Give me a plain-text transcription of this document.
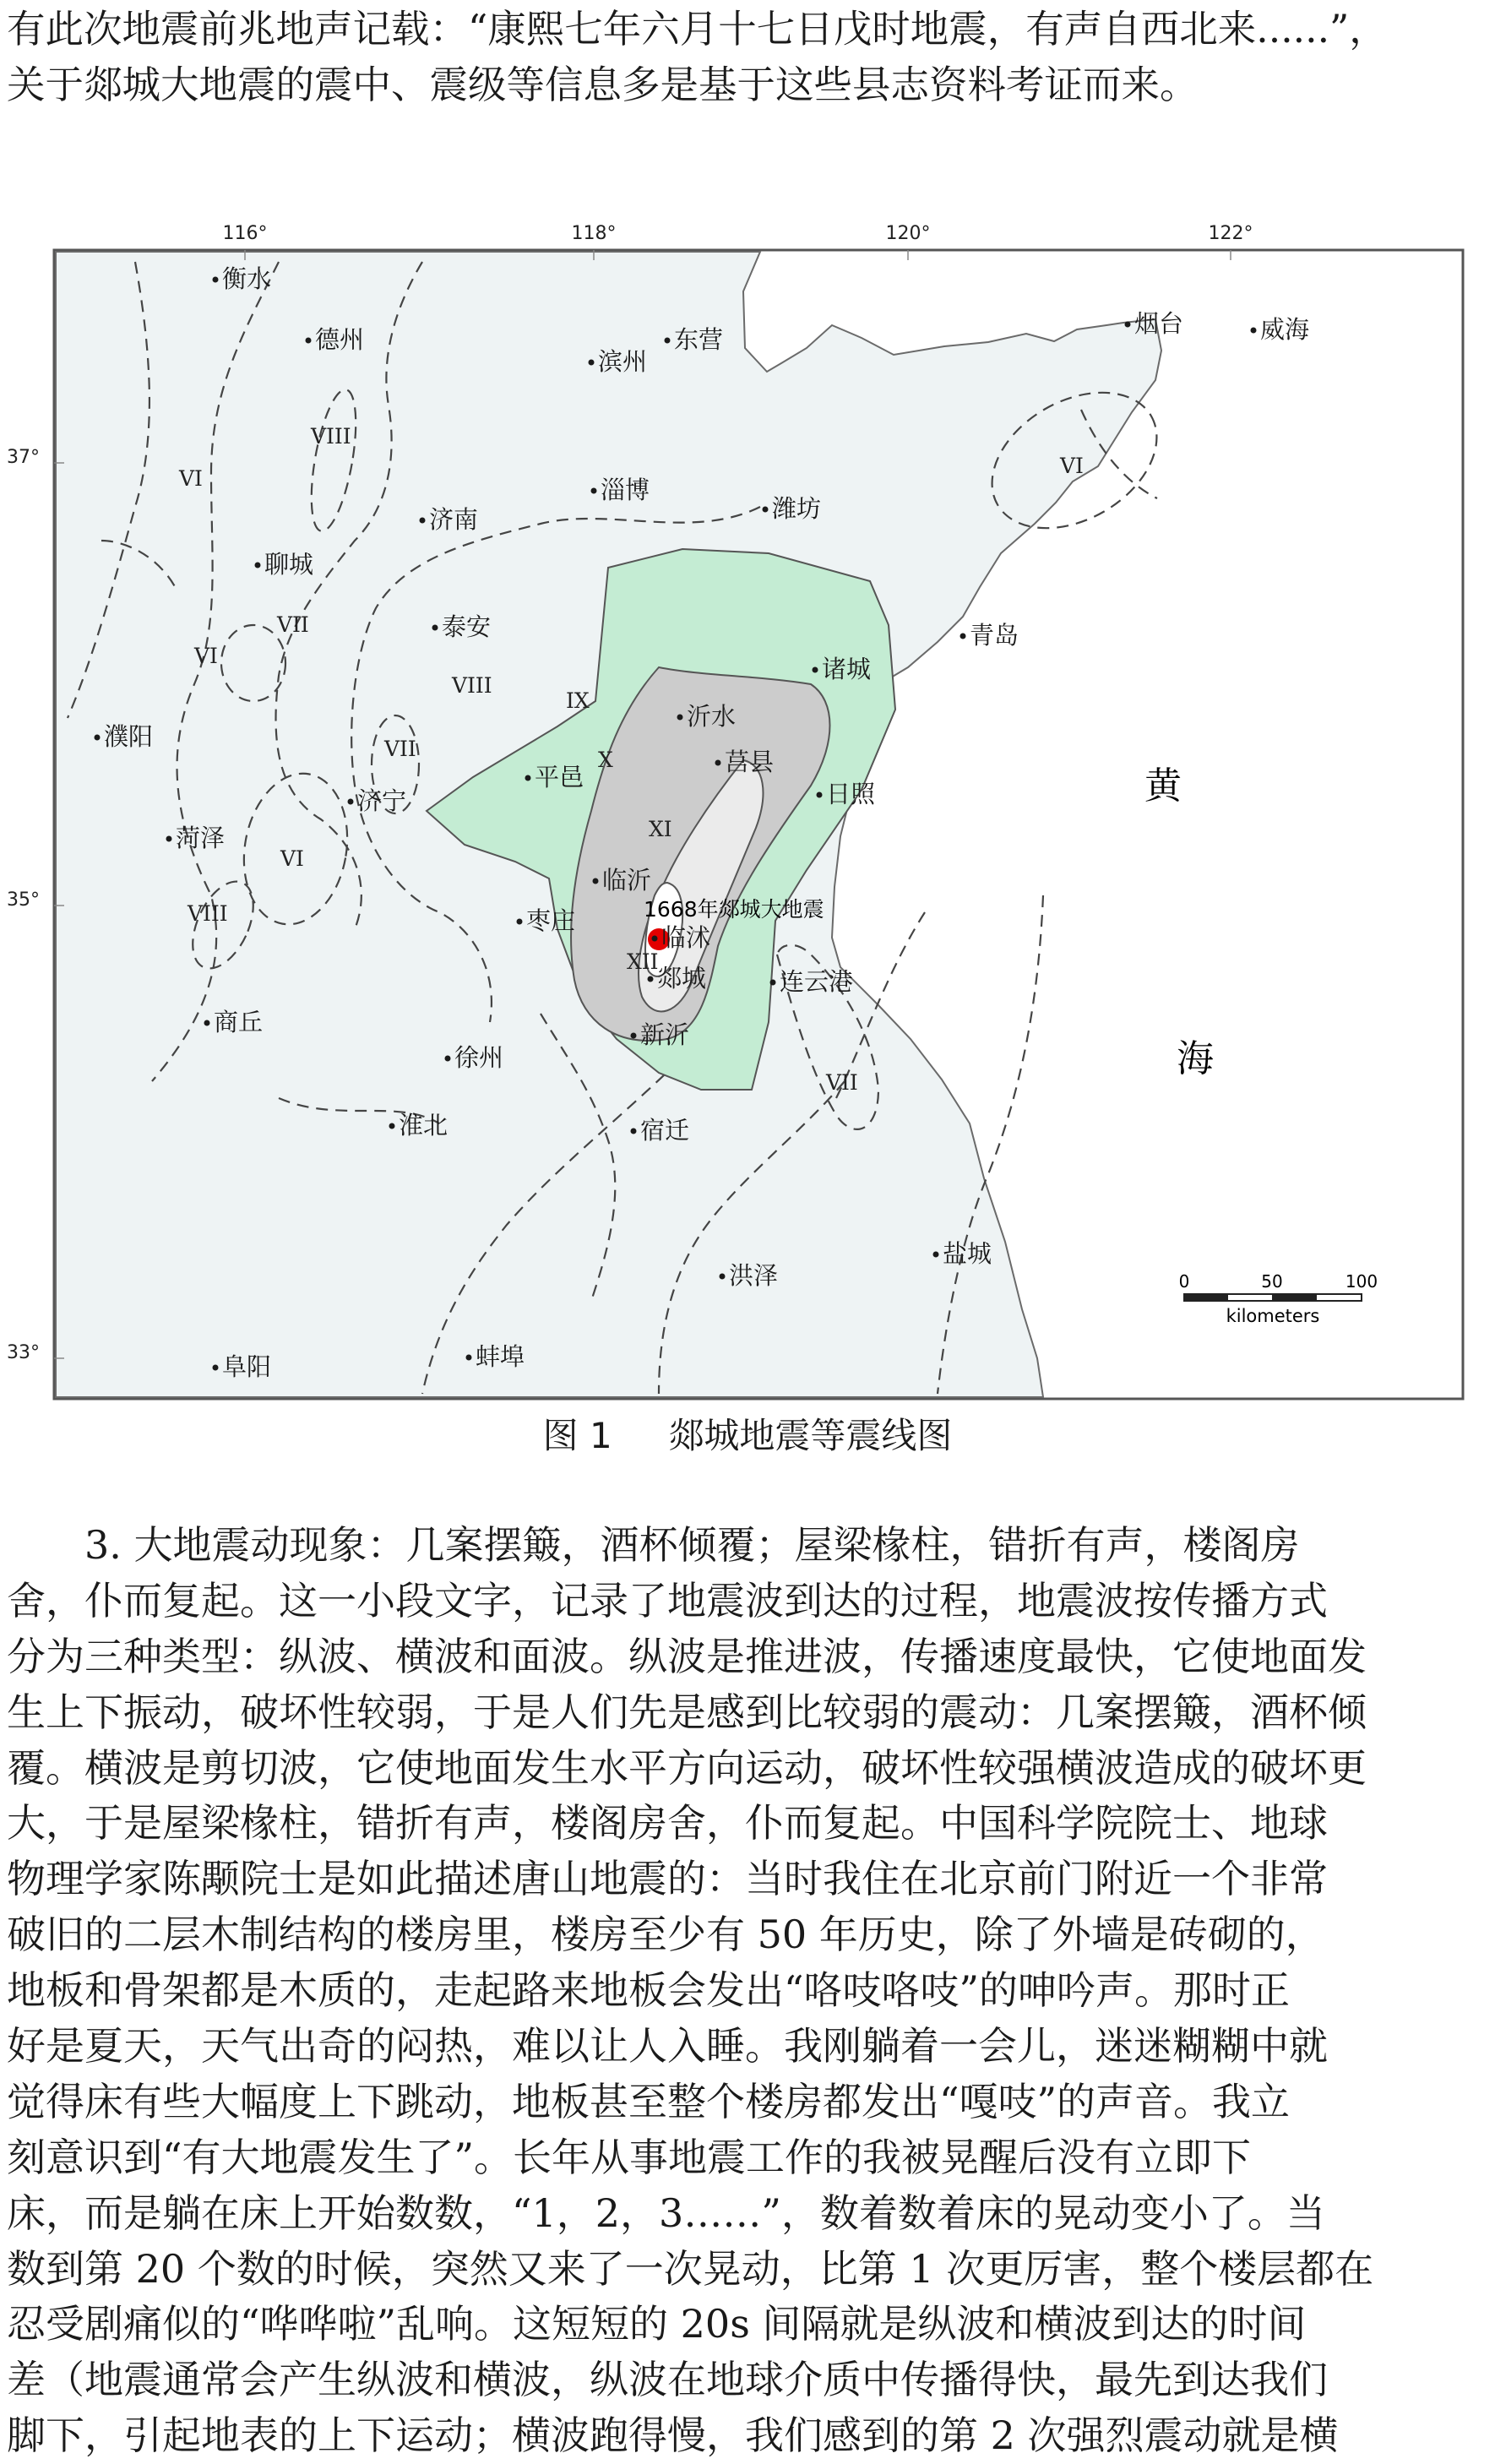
有此次地震前兆地声记载：“康熙七年六月十七日戊时地震，有声自西北来......”，
关于郯城大地震的震中、震级等信息多是基于这些县志资料考证而来。
1668年郯城大地震
116°	118°	120°	122°
37°
35°
33°
衡水
德州
滨州
东营
烟台	威海
淄博
潍坊
济南
聊城
泰安	青岛
诸城
沂水
濮阳
莒县
平邑
日照
济宁
菏泽
临沂
枣庄
临沭
郯城	连云港
商丘	新沂
徐州
淮北	宿迁
盐城
洪泽
阜阳	蚌埠
VIII
VI
VII
VI
VIII
VII
IX
X
XI
VI
VIII
XII
VII
VI
黄
海
0	50	100
kilometers
图 1 郯城地震等震线图
3. 大地震动现象：几案摆簸，酒杯倾覆；屋梁椽柱，错折有声，楼阁房
舍，仆而复起。这一小段文字，记录了地震波到达的过程，地震波按传播方式
分为三种类型：纵波、横波和面波。纵波是推进波，传播速度最快，它使地面发
生上下振动，破坏性较弱，于是人们先是感到比较弱的震动：几案摆簸，酒杯倾
覆。横波是剪切波，它使地面发生水平方向运动，破坏性较强横波造成的破坏更
大，于是屋梁椽柱，错折有声，楼阁房舍，仆而复起。中国科学院院士、地球
物理学家陈颙院士是如此描述唐山地震的：当时我住在北京前门附近一个非常
破旧的二层木制结构的楼房里，楼房至少有 50 年历史，除了外墙是砖砌的，
地板和骨架都是木质的，走起路来地板会发出“咯吱咯吱”的呻吟声。那时正
好是夏天，天气出奇的闷热，难以让人入睡。我刚躺着一会儿，迷迷糊糊中就
觉得床有些大幅度上下跳动，地板甚至整个楼房都发出“嘎吱”的声音。我立
刻意识到“有大地震发生了”。长年从事地震工作的我被晃醒后没有立即下
床，而是躺在床上开始数数，“1，2，3……”，数着数着床的晃动变小了。当
数到第 20 个数的时候，突然又来了一次晃动，比第 1 次更厉害，整个楼层都在
忍受剧痛似的“哗哗啦”乱响。这短短的 20s 间隔就是纵波和横波到达的时间
差（地震通常会产生纵波和横波，纵波在地球介质中传播得快，最先到达我们
脚下，引起地表的上下运动；横波跑得慢，我们感到的第 2 次强烈震动就是横
